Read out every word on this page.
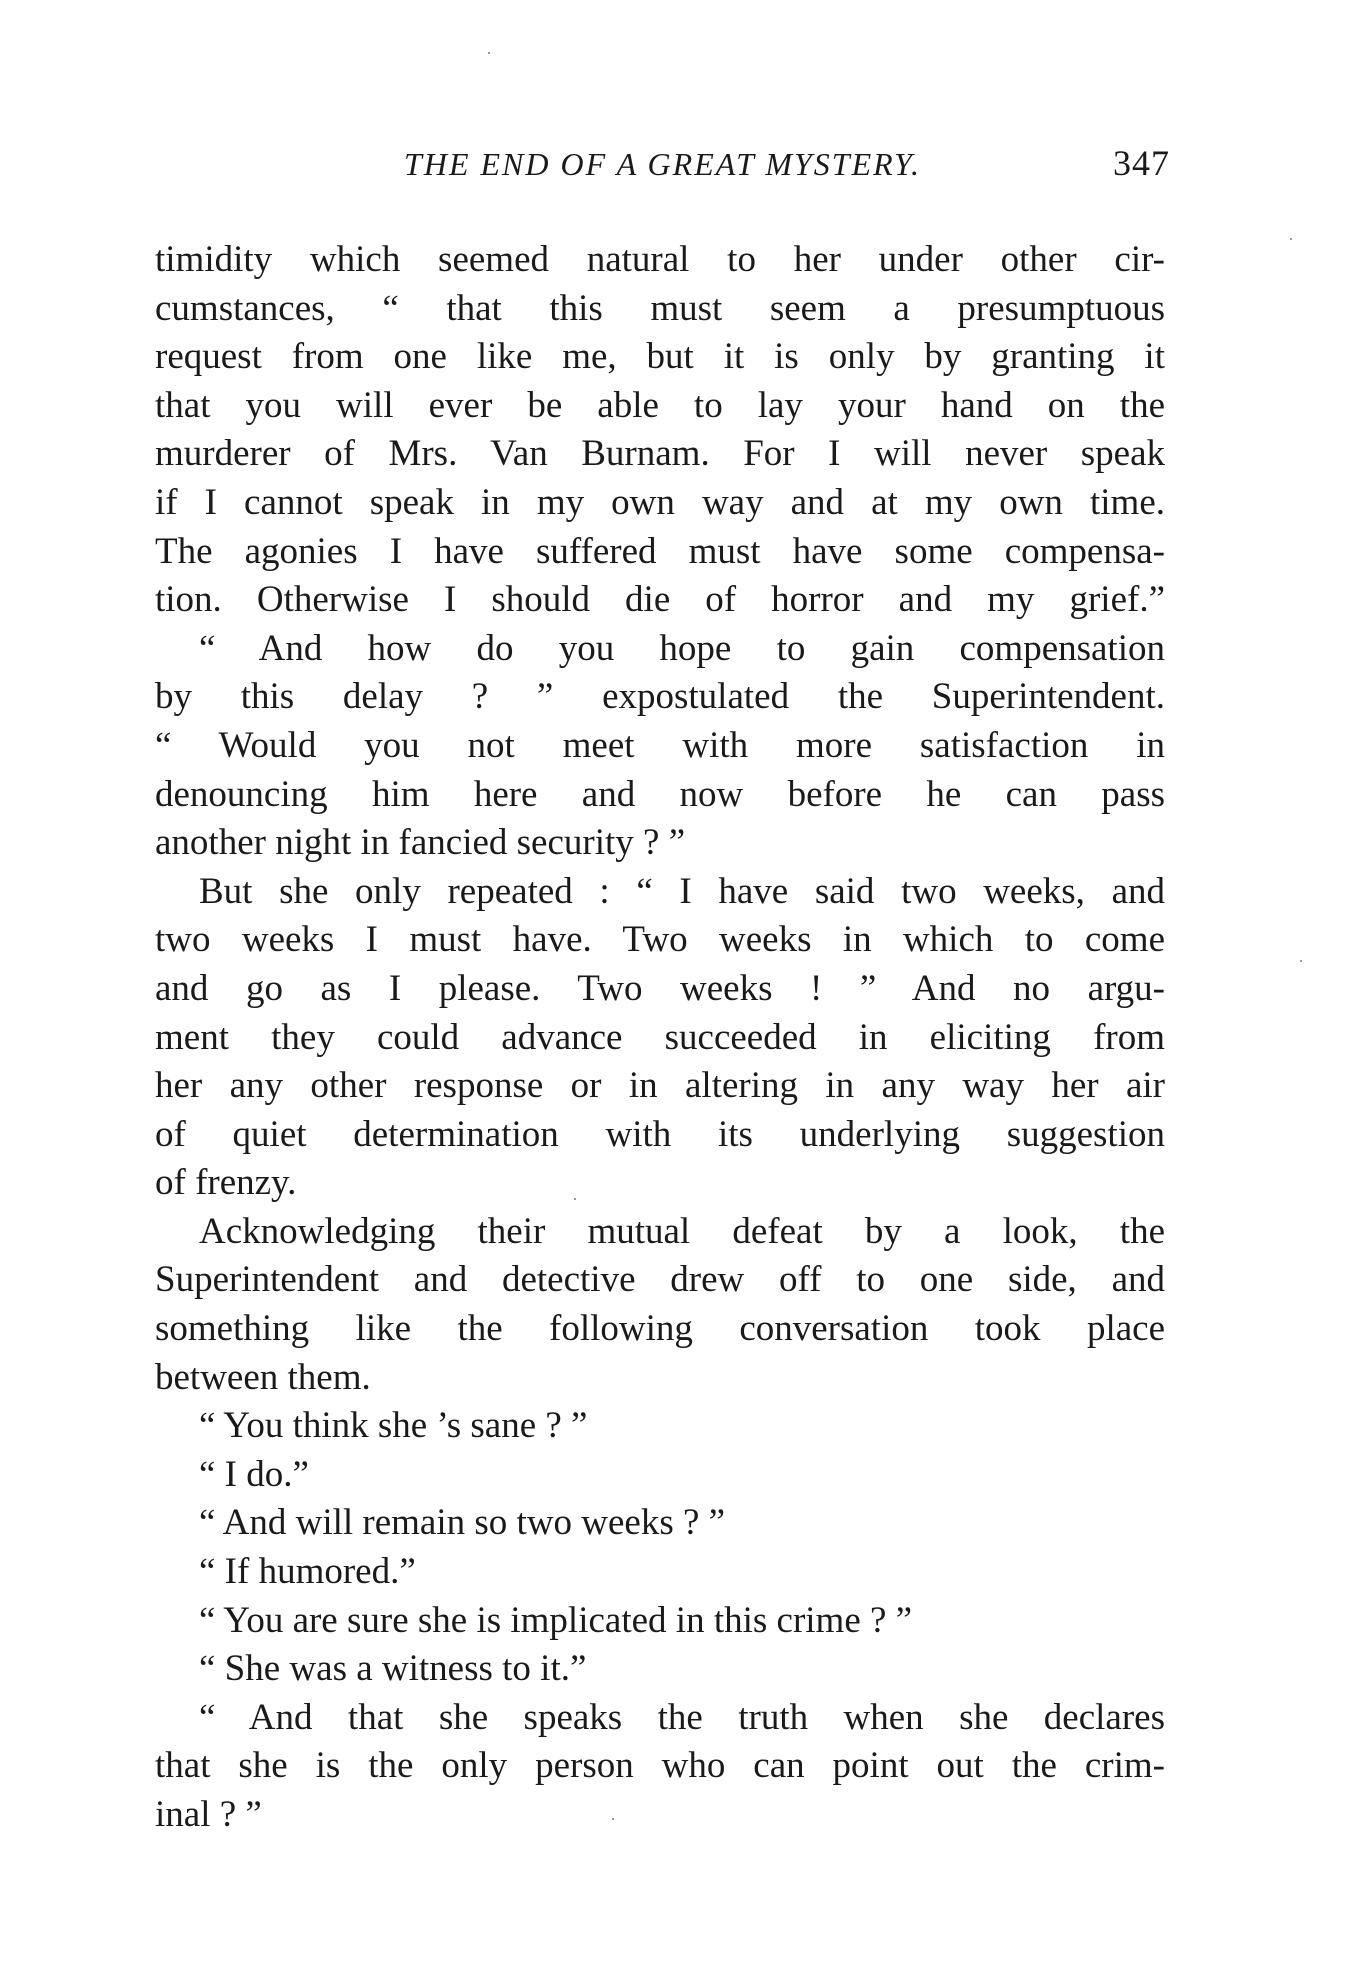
THE END OF A GREAT MYSTERY.	347
timidity which seemed natural to her under other cir-
cumstances, “ that this must seem a presumptuous
request from one like me, but it is only by granting it
that you will ever be able to lay your hand on the
murderer of Mrs. Van Burnam. For I will never speak
if I cannot speak in my own way and at my own time.
The agonies I have suffered must have some compensa-
tion. Otherwise I should die of horror and my grief.”
“ And how do you hope to gain compensation
by this delay ? ” expostulated the Superintendent.
“ Would you not meet with more satisfaction in
denouncing him here and now before he can pass
another night in fancied security ? ”
But she only repeated : “ I have said two weeks, and
two weeks I must have. Two weeks in which to come
and go as I please. Two weeks ! ” And no argu-
ment they could advance succeeded in eliciting from
her any other response or in altering in any way her air
of quiet determination with its underlying suggestion
of frenzy.
Acknowledging their mutual defeat by a look, the
Superintendent and detective drew off to one side, and
something like the following conversation took place
between them.
“ You think she ’s sane ? ”
“ I do.”
“ And will remain so two weeks ? ”
“ If humored.”
“ You are sure she is implicated in this crime ? ”
“ She was a witness to it.”
“ And that she speaks the truth when she declares
that she is the only person who can point out the crim-
inal ? ”
